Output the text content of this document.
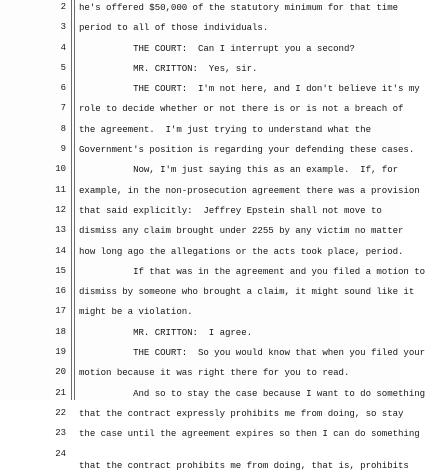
2 he's offered $50,000 of the statutory minimum for that time
3 period to all of those individuals.
4 THE COURT:  Can I interrupt you a second?
5 MR. CRITTON:  Yes, sir.
6 THE COURT:  I'm not here, and I don't believe it's my
7 role to decide whether or not there is or is not a breach of
8 the agreement.  I'm just trying to understand what the
9 Government's position is regarding your defending these cases.
10 Now, I'm just saying this as an example.  If, for
11 example, in the non-prosecution agreement there was a provision
12 that said explicitly:  Jeffrey Epstein shall not move to
13 dismiss any claim brought under 2255 by any victim no matter
14 how long ago the allegations or the acts took place, period.
15 If that was in the agreement and you filed a motion to
16 dismiss by someone who brought a claim, it might sound like it
17 might be a violation.
18 MR. CRITTON:  I agree.
19 THE COURT:  So you would know that when you filed your
20 motion because it was right there for you to read.
21 And so to stay the case because I want to do something
22 that the contract expressly prohibits me from doing, so stay
23 the case until the agreement expires so then I can do something
24
that the contract prohibits me from doing, that is, prohibits
